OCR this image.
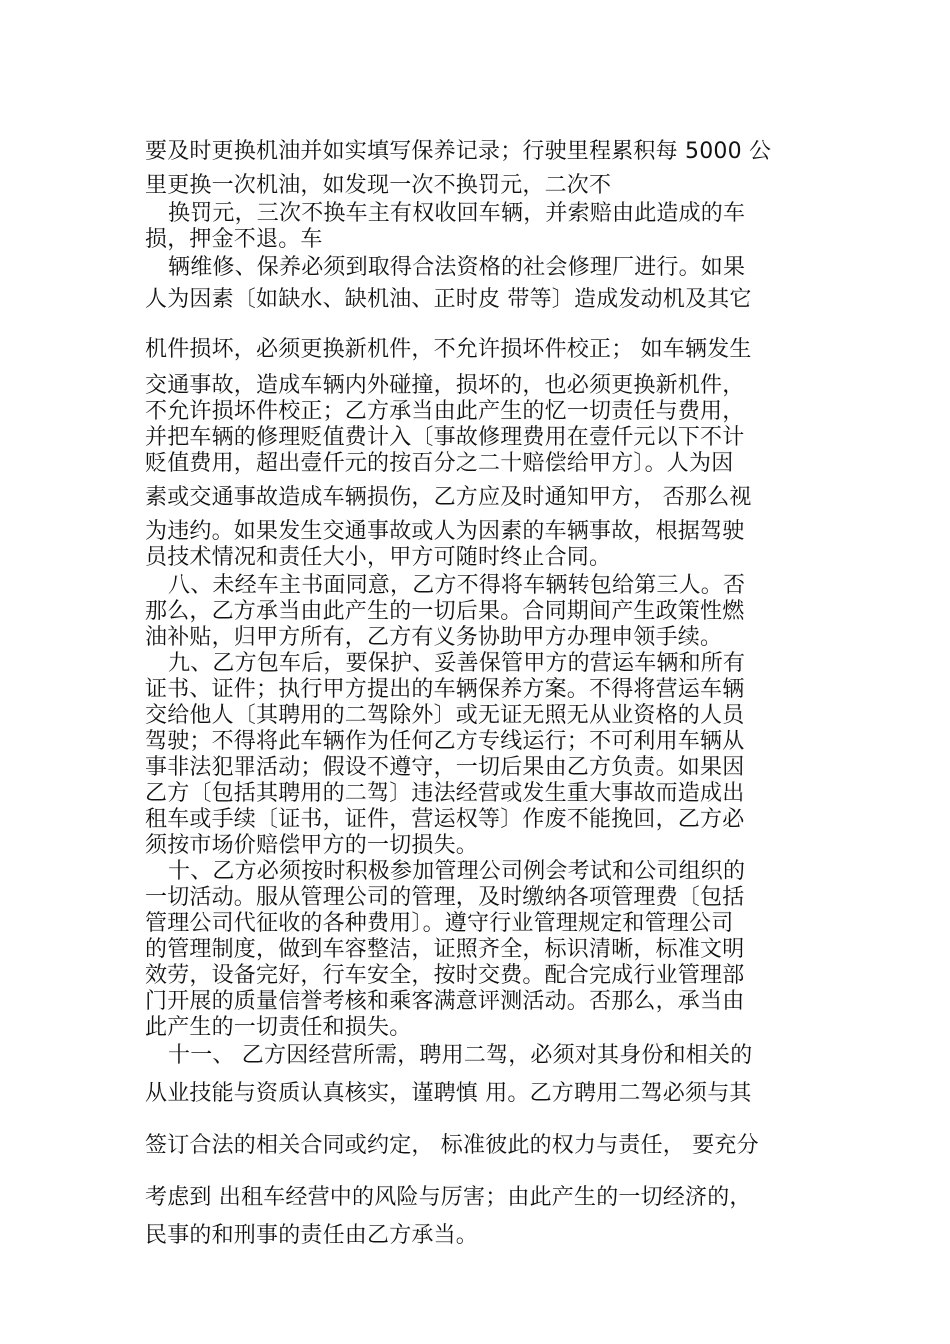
要及时更换机油并如实填写保养记录；行驶里程累积每 5000 公
里更换一次机油，如发现一次不换罚元，二次不
换罚元，三次不换车主有权收回车辆，并索赔由此造成的车
损，押金不退。车
辆维修、保养必须到取得合法资格的社会修理厂进行。如果
人为因素〔如缺水、缺机油、正时皮 带等〕造成发动机及其它
机件损坏，必须更换新机件，不允许损坏件校正； 如车辆发生
交通事故，造成车辆内外碰撞，损坏的，也必须更换新机件，
不允许损坏件校正；乙方承当由此产生的忆一切责任与费用，
并把车辆的修理贬值费计入〔事故修理费用在壹仟元以下不计
贬值费用，超出壹仟元的按百分之二十赔偿给甲方〕。人为因
素或交通事故造成车辆损伤，乙方应及时通知甲方， 否那么视
为违约。如果发生交通事故或人为因素的车辆事故，根据驾驶
员技术情况和责任大小，甲方可随时终止合同。
八、未经车主书面同意，乙方不得将车辆转包给第三人。否
那么，乙方承当由此产生的一切后果。合同期间产生政策性燃
油补贴，归甲方所有，乙方有义务协助甲方办理申领手续。
九、乙方包车后，要保护、妥善保管甲方的营运车辆和所有
证书、证件；执行甲方提出的车辆保养方案。不得将营运车辆
交给他人〔其聘用的二驾除外〕或无证无照无从业资格的人员
驾驶；不得将此车辆作为任何乙方专线运行；不可利用车辆从
事非法犯罪活动；假设不遵守，一切后果由乙方负责。如果因
乙方〔包括其聘用的二驾〕违法经营或发生重大事故而造成出
租车或手续〔证书，证件，营运权等〕作废不能挽回，乙方必
须按市场价赔偿甲方的一切损失。
十、乙方必须按时积极参加管理公司例会考试和公司组织的
一切活动。服从管理公司的管理，及时缴纳各项管理费〔包括
管理公司代征收的各种费用〕。遵守行业管理规定和管理公司
的管理制度，做到车容整洁，证照齐全，标识清晰，标准文明
效劳，设备完好，行车安全，按时交费。配合完成行业管理部
门开展的质量信誉考核和乘客满意评测活动。否那么，承当由
此产生的一切责任和损失。
十一、 乙方因经营所需，聘用二驾，必须对其身份和相关的
从业技能与资质认真核实，谨聘慎 用。乙方聘用二驾必须与其
签订合法的相关合同或约定， 标准彼此的权力与责任， 要充分
考虑到 出租车经营中的风险与厉害；由此产生的一切经济的，
民事的和刑事的责任由乙方承当。
